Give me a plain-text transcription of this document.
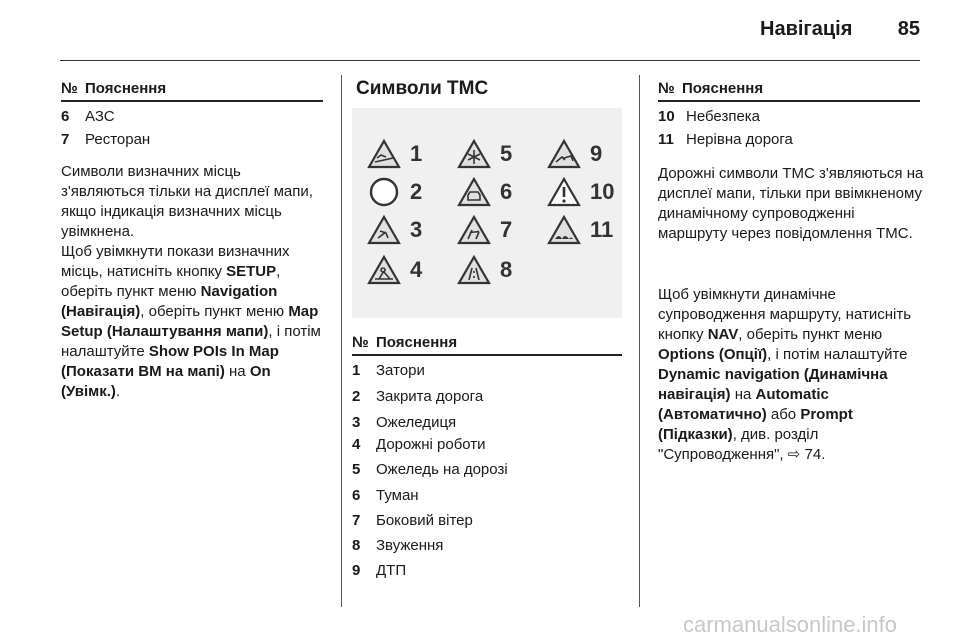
Навігація	85
№ Пояснення
6	АЗС
7	Ресторан
Символи визначних місць з'являються тільки на дисплеї мапи, якщо індикація визначних місць увімкнена.
Щоб увімкнути покази визначних місць, натисніть кнопку SETUP, оберіть пункт меню Navigation (Навігація), оберіть пункт меню Map Setup (Налаштування мапи), і потім налаштуйте Show POIs In Map (Показати ВМ на мапі) на On (Увімк.).
Символи TMC
1
2
3
4
5
6
7
8
9
10
11
№ Пояснення
1	Затори
2	Закрита дорога
3	Ожеледиця
4	Дорожні роботи
5	Ожеледь на дорозі
6	Туман
7	Боковий вітер
8	Звуження
9	ДТП
№ Пояснення
10 Небезпека
11 Нерівна дорога
Дорожні символи TMC з'являються на дисплеї мапи, тільки при ввімкненому динамічному супроводженні маршруту через повідомлення TMC.
Щоб увімкнути динамічне супроводження маршруту, натисніть кнопку NAV, оберіть пункт меню Options (Опції), і потім налаштуйте Dynamic navigation (Динамічна навігація) на Automatic (Автоматично) або Prompt (Підказки), див. розділ "Супроводження", ⇨ 74.
carmanualsonline.info
